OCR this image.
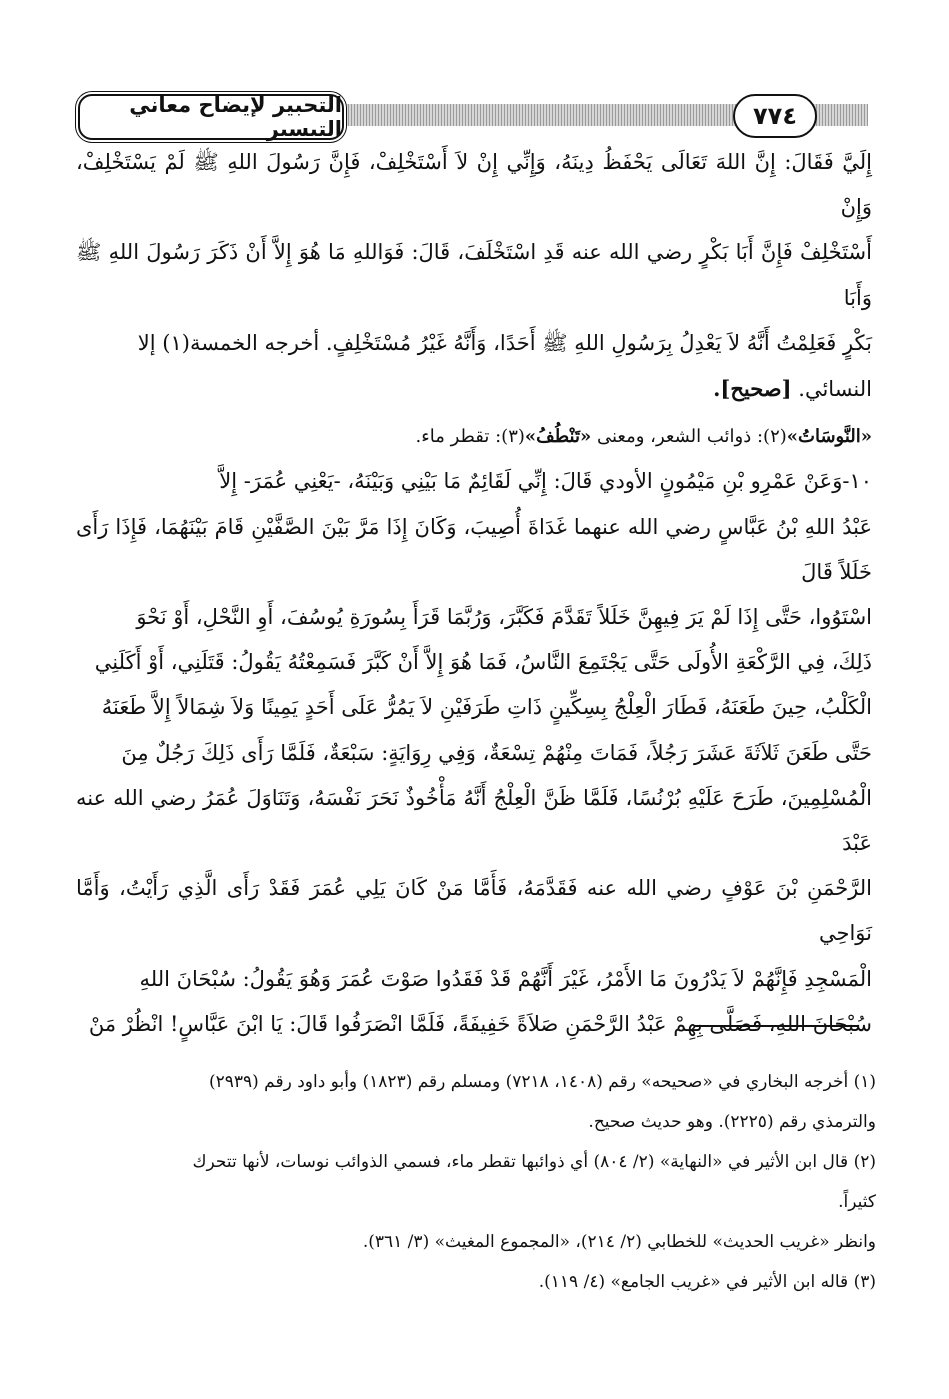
التحبير لإيضاح معاني التيسير	٧٧٤

إِلَيَّ فَقَالَ: إِنَّ اللهَ تَعَالَى يَحْفَظُ دِينَهُ، وَإِنِّي إِنْ لاَ أَسْتَخْلِفْ، فَإِنَّ رَسُولَ اللهِ ﷺ لَمْ يَسْتَخْلِفْ، وَإِنْ

أَسْتَخْلِفْ فَإِنَّ أَبَا بَكْرٍ رضي الله عنه قَدِ اسْتَخْلَفَ، قَالَ: فَوَاللهِ مَا هُوَ إِلاَّ أَنْ ذَكَرَ رَسُولَ اللهِ ﷺ وَأَبَا

بَكْرٍ فَعَلِمْتُ أَنَّهُ لاَ يَعْدِلُ بِرَسُولِ اللهِ ﷺ أَحَدًا، وَأَنَّهُ غَيْرُ مُسْتَخْلِفٍ. أخرجه الخمسة(١) إلا

النسائي. [صحيح].

«النَّوسَاتُ»(٢): ذوائب الشعر، ومعنى «تَنْطُفُ»(٣): تقطر ماء.

١٠-وَعَنْ عَمْرِو بْنِ مَيْمُونٍ الأودي قَالَ: إِنِّي لَقَائِمٌ مَا بَيْنِي وَبَيْنَهُ، -يَعْنِي عُمَرَ- إِلاَّ

عَبْدُ اللهِ بْنُ عَبَّاسٍ رضي الله عنهما غَدَاةَ أُصِيبَ، وَكَانَ إِذَا مَرَّ بَيْنَ الصَّفَّيْنِ قَامَ بَيْنَهُمَا، فَإِذَا رَأَى خَلَلاً قَالَ

اسْتَوُوا، حَتَّى إِذَا لَمْ يَرَ فِيهِنَّ خَلَلاً تَقَدَّمَ فَكَبَّرَ، وَرُبَّمَا قَرَأَ بِسُورَةِ يُوسُفَ، أَوِ النَّحْلِ، أَوْ نَحْوَ

ذَلِكَ، فِي الرَّكْعَةِ الأُولَى حَتَّى يَجْتَمِعَ النَّاسُ، فَمَا هُوَ إِلاَّ أَنْ كَبَّرَ فَسَمِعْتُهُ يَقُولُ: قَتَلَنِي، أَوْ أَكَلَنِي

الْكَلْبُ، حِينَ طَعَنَهُ، فَطَارَ الْعِلْجُ بِسِكِّينٍ ذَاتِ طَرَفَيْنِ لاَ يَمُرُّ عَلَى أَحَدٍ يَمِينًا وَلاَ شِمَالاً إِلاَّ طَعَنَهُ

حَتَّى طَعَنَ ثَلاَثَةَ عَشَرَ رَجُلاً، فَمَاتَ مِنْهُمْ تِسْعَةٌ، وَفِي رِوَايَةٍ: سَبْعَةٌ، فَلَمَّا رَأَى ذَلِكَ رَجُلٌ مِنَ

الْمُسْلِمِينَ، طَرَحَ عَلَيْهِ بُرْنُسًا، فَلَمَّا ظَنَّ الْعِلْجُ أَنَّهُ مَأْخُوذٌ نَحَرَ نَفْسَهُ، وَتَنَاوَلَ عُمَرُ رضي الله عنه عَبْدَ

الرَّحْمَنِ بْنَ عَوْفٍ رضي الله عنه فَقَدَّمَهُ، فَأَمَّا مَنْ كَانَ يَلِي عُمَرَ فَقَدْ رَأَى الَّذِي رَأَيْتُ، وَأَمَّا نَوَاحِي

الْمَسْجِدِ فَإِنَّهُمْ لاَ يَدْرُونَ مَا الأَمْرُ، غَيْرَ أَنَّهُمْ قَدْ فَقَدُوا صَوْتَ عُمَرَ وَهُوَ يَقُولُ: سُبْحَانَ اللهِ

سُبْحَانَ اللهِ، فَصَلَّى بِهِمْ عَبْدُ الرَّحْمَنِ صَلاَةً خَفِيفَةً، فَلَمَّا انْصَرَفُوا قَالَ: يَا ابْنَ عَبَّاسٍ! انْظُرْ مَنْ

(١) أخرجه البخاري في «صحيحه» رقم (١٤٠٨، ٧٢١٨) ومسلم رقم (١٨٢٣) وأبو داود رقم (٢٩٣٩)

والترمذي رقم (٢٢٢٥). وهو حديث صحيح.

(٢) قال ابن الأثير في «النهاية» (٢/ ٨٠٤) أي ذوائبها تقطر ماء، فسمي الذوائب نوسات، لأنها تتحرك

كثيراً.

وانظر «غريب الحديث» للخطابي (٢/ ٢١٤)، «المجموع المغيث» (٣/ ٣٦١).

(٣) قاله ابن الأثير في «غريب الجامع» (٤/ ١١٩).
